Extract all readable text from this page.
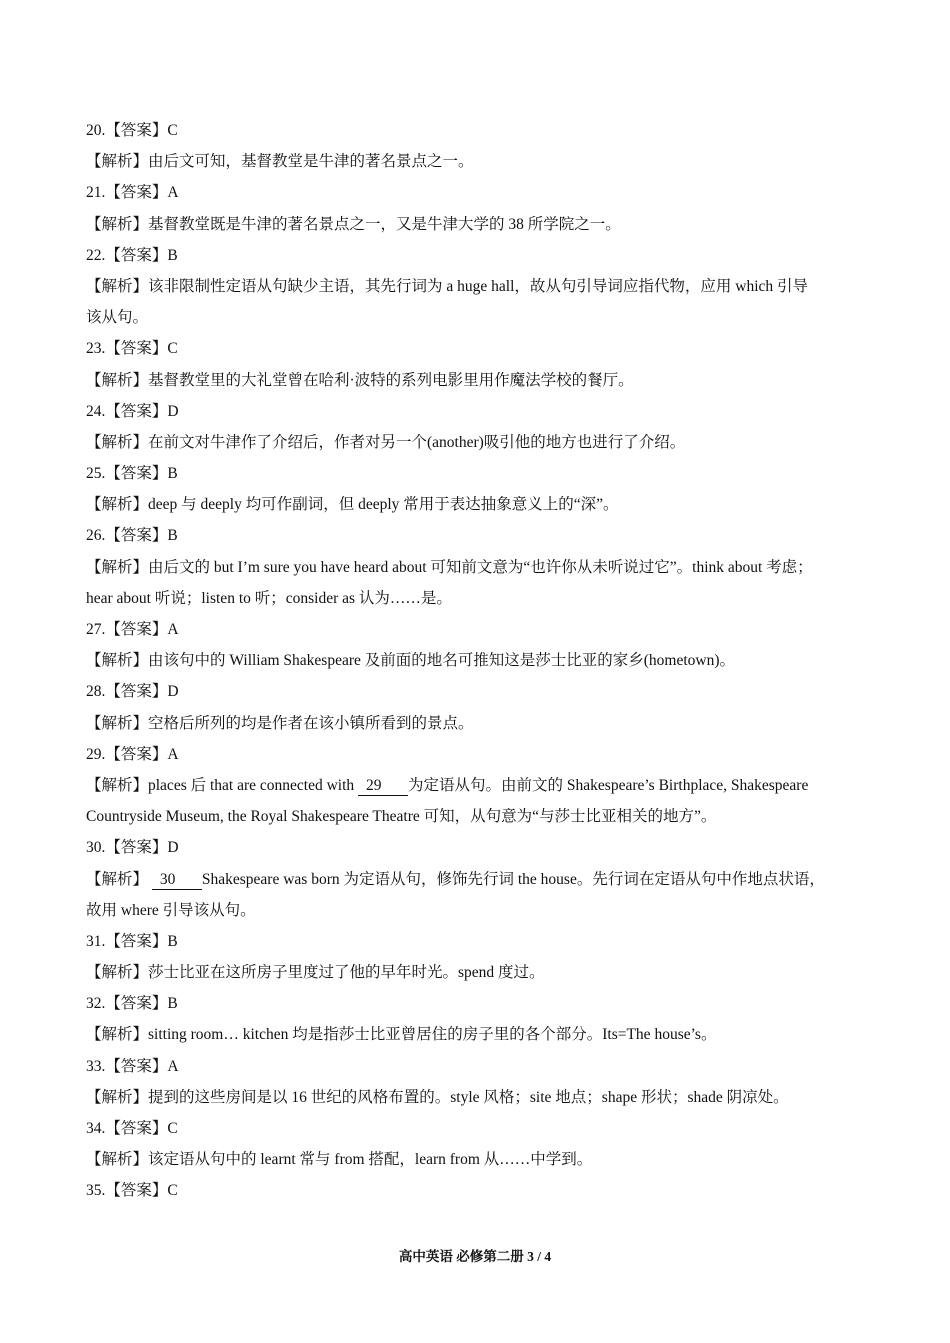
20.【答案】C
【解析】由后文可知，基督教堂是牛津的著名景点之一。
21.【答案】A
【解析】基督教堂既是牛津的著名景点之一，又是牛津大学的 38 所学院之一。
22.【答案】B
【解析】该非限制性定语从句缺少主语，其先行词为 a huge hall，故从句引导词应指代物，应用 which 引导
该从句。
23.【答案】C
【解析】基督教堂里的大礼堂曾在哈利·波特的系列电影里用作魔法学校的餐厅。
24.【答案】D
【解析】在前文对牛津作了介绍后，作者对另一个(another)吸引他的地方也进行了介绍。
25.【答案】B
【解析】deep 与 deeply 均可作副词，但 deeply 常用于表达抽象意义上的“深”。
26.【答案】B
【解析】由后文的 but I’m sure you have heard about 可知前文意为“也许你从未听说过它”。think about 考虑；
hear about 听说；listen to 听；consider as 认为……是。
27.【答案】A
【解析】由该句中的 William Shakespeare 及前面的地名可推知这是莎士比亚的家乡(hometown)。
28.【答案】D
【解析】空格后所列的均是作者在该小镇所看到的景点。
29.【答案】A
【解析】places 后 that are connected with 29 为定语从句。由前文的 Shakespeare’s Birthplace, Shakespeare
Countryside Museum, the Royal Shakespeare Theatre 可知，从句意为“与莎士比亚相关的地方”。
30.【答案】D
【解析】 30 Shakespeare was born 为定语从句，修饰先行词 the house。先行词在定语从句中作地点状语，
故用 where 引导该从句。
31.【答案】B
【解析】莎士比亚在这所房子里度过了他的早年时光。spend 度过。
32.【答案】B
【解析】sitting room… kitchen 均是指莎士比亚曾居住的房子里的各个部分。Its=The house’s。
33.【答案】A
【解析】提到的这些房间是以 16 世纪的风格布置的。style 风格；site 地点；shape 形状；shade 阴凉处。
34.【答案】C
【解析】该定语从句中的 learnt 常与 from 搭配，learn from 从……中学到。
35.【答案】C
高中英语 必修第二册 3 / 4
